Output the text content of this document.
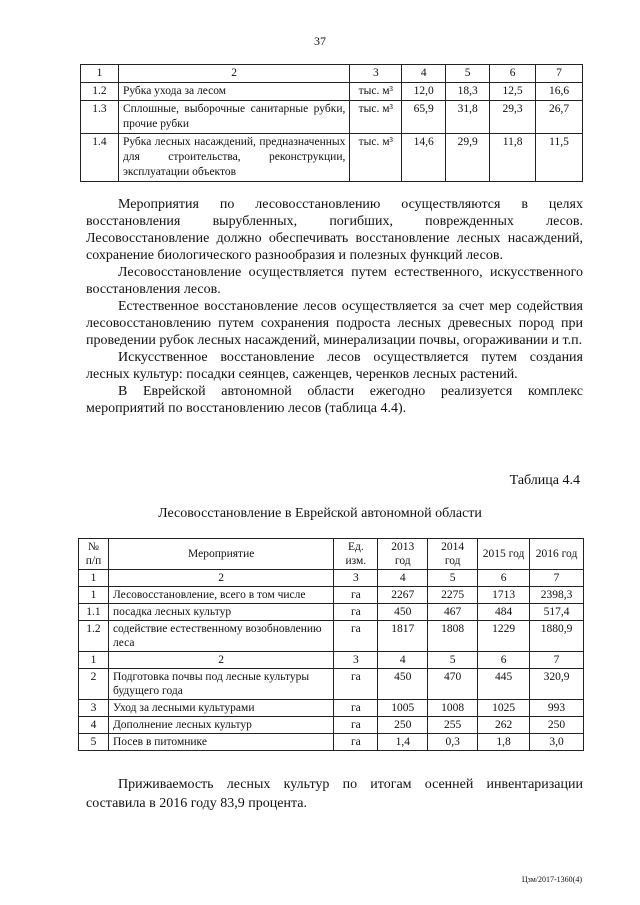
37
1	2	3	4	5	6	7
1.2	Рубка ухода за лесом	тыс. м³	12,0	18,3	12,5	16,6
1.3	Сплошные, выборочные санитарные рубки, прочие рубки	тыс. м³	65,9	31,8	29,3	26,7
1.4	Рубка лесных насаждений, предназначенных для строительства, реконструкции, эксплуатации объектов	тыс. м³	14,6	29,9	11,8	11,5

Мероприятия по лесовосстановлению осуществляются в целях восстановления вырубленных, погибших, поврежденных лесов. Лесовосстановление должно обеспечивать восстановление лесных насаждений, сохранение биологического разнообразия и полезных функций лесов.

Лесовосстановление осуществляется путем естественного, искусственного восстановления лесов.

Естественное восстановление лесов осуществляется за счет мер содействия лесовосстановлению путем сохранения подроста лесных древесных пород при проведении рубок лесных насаждений, минерализации почвы, огораживании и т.п.

Искусственное восстановление лесов осуществляется путем создания лесных культур: посадки сеянцев, саженцев, черенков лесных растений.

В Еврейской автономной области ежегодно реализуется комплекс мероприятий по восстановлению лесов (таблица 4.4).

Таблица 4.4
Лесовосстановление в Еврейской автономной области
№ п/п	Мероприятие	Ед. изм.	2013 год	2014 год	2015 год	2016 год
1	2	3	4	5	6	7
1	Лесовосстановление, всего в том числе	га	2267	2275	1713	2398,3
1.1	посадка лесных культур	га	450	467	484	517,4
1.2	содействие естественному возобновлению леса	га	1817	1808	1229	1880,9
1	2	3	4	5	6	7
2	Подготовка почвы под лесные культуры будущего года	га	450	470	445	320,9
3	Уход за лесными культурами	га	1005	1008	1025	993
4	Дополнение лесных культур	га	250	255	262	250
5	Посев в питомнике	га	1,4	0,3	1,8	3,0

Приживаемость лесных культур по итогам осенней инвентаризации составила в 2016 году 83,9 процента.

Цзм/2017-1360(4)
